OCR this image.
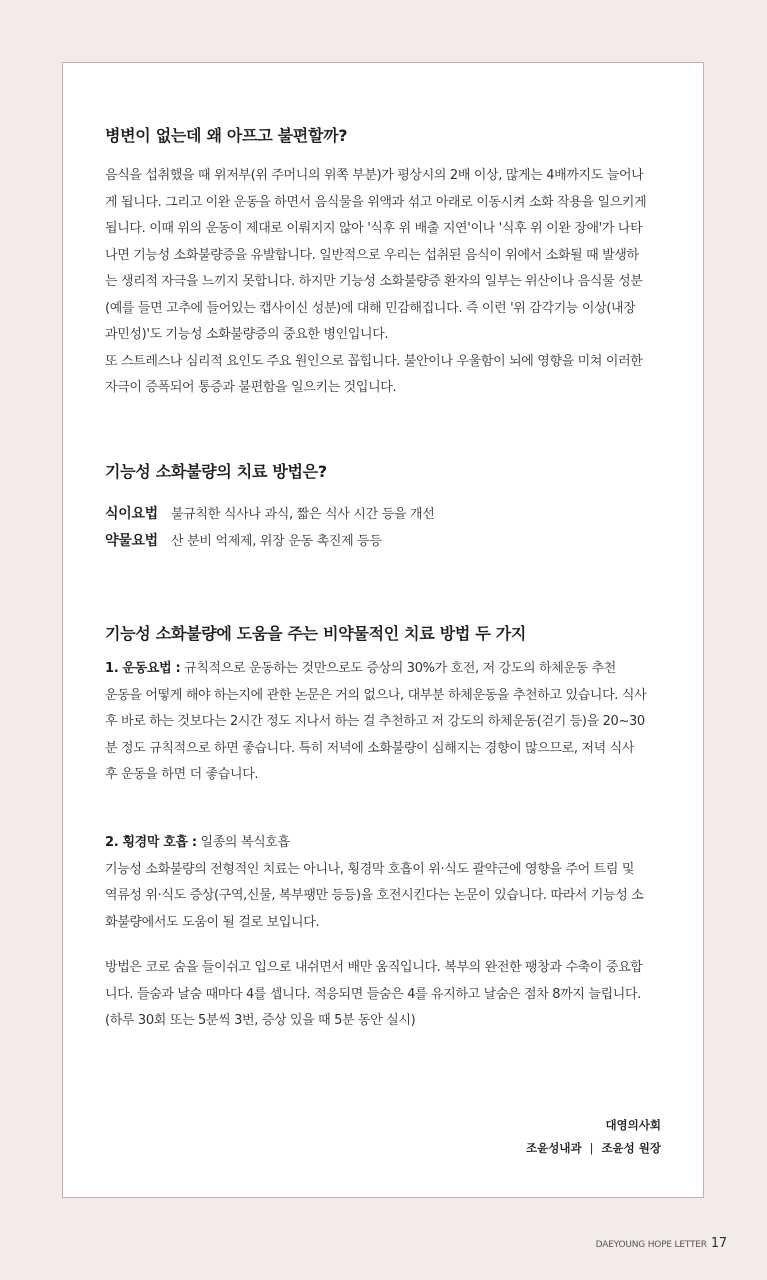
병변이 없는데 왜 아프고 불편할까?
음식을 섭취했을 때 위저부(위 주머니의 위쪽 부분)가 평상시의 2배 이상, 많게는 4배까지도 늘어나
게 됩니다. 그리고 이완 운동을 하면서 음식물을 위액과 섞고 아래로 이동시켜 소화 작용을 일으키게
됩니다. 이때 위의 운동이 제대로 이뤄지지 않아 '식후 위 배출 지연'이나 '식후 위 이완 장애'가 나타
나면 기능성 소화불량증을 유발합니다. 일반적으로 우리는 섭취된 음식이 위에서 소화될 때 발생하
는 생리적 자극을 느끼지 못합니다. 하지만 기능성 소화불량증 환자의 일부는 위산이나 음식물 성분
(예를 들면 고추에 들어있는 캡사이신 성분)에 대해 민감해집니다. 즉 이런 '위 감각기능 이상(내장
과민성)'도 기능성 소화불량증의 중요한 병인입니다.
또 스트레스나 심리적 요인도 주요 원인으로 꼽힙니다. 불안이나 우울함이 뇌에 영향을 미쳐 이러한
자극이 증폭되어 통증과 불편함을 일으키는 것입니다.
기능성 소화불량의 치료 방법은?
식이요법 불규칙한 식사나 과식, 짧은 식사 시간 등을 개선
약물요법 산 분비 억제제, 위장 운동 촉진제 등등
기능성 소화불량에 도움을 주는 비약물적인 치료 방법 두 가지
1. 운동요법 : 규칙적으로 운동하는 것만으로도 증상의 30%가 호전, 저 강도의 하체운동 추천
운동을 어떻게 해야 하는지에 관한 논문은 거의 없으나, 대부분 하체운동을 추천하고 있습니다. 식사
후 바로 하는 것보다는 2시간 정도 지나서 하는 걸 추천하고 저 강도의 하체운동(걷기 등)을 20~30
분 정도 규칙적으로 하면 좋습니다. 특히 저녁에 소화불량이 심해지는 경향이 많으므로, 저녁 식사
후 운동을 하면 더 좋습니다.
2. 횡경막 호흡 : 일종의 복식호흡
기능성 소화불량의 전형적인 치료는 아니나, 횡경막 호흡이 위·식도 괄약근에 영향을 주어 트림 및
역류성 위·식도 증상(구역,신물, 복부팽만 등등)을 호전시킨다는 논문이 있습니다. 따라서 기능성 소
화불량에서도 도움이 될 걸로 보입니다.
방법은 코로 숨을 들이쉬고 입으로 내쉬면서 배만 움직입니다. 복부의 완전한 팽창과 수축이 중요합
니다. 들숨과 날숨 때마다 4를 셉니다. 적응되면 들숨은 4를 유지하고 날숨은 점차 8까지 늘립니다.
(하루 30회 또는 5분씩 3번, 증상 있을 때 5분 동안 실시)
대영의사회
조윤성내과 | 조윤성 원장
DAEYOUNG HOPE LETTER 17
